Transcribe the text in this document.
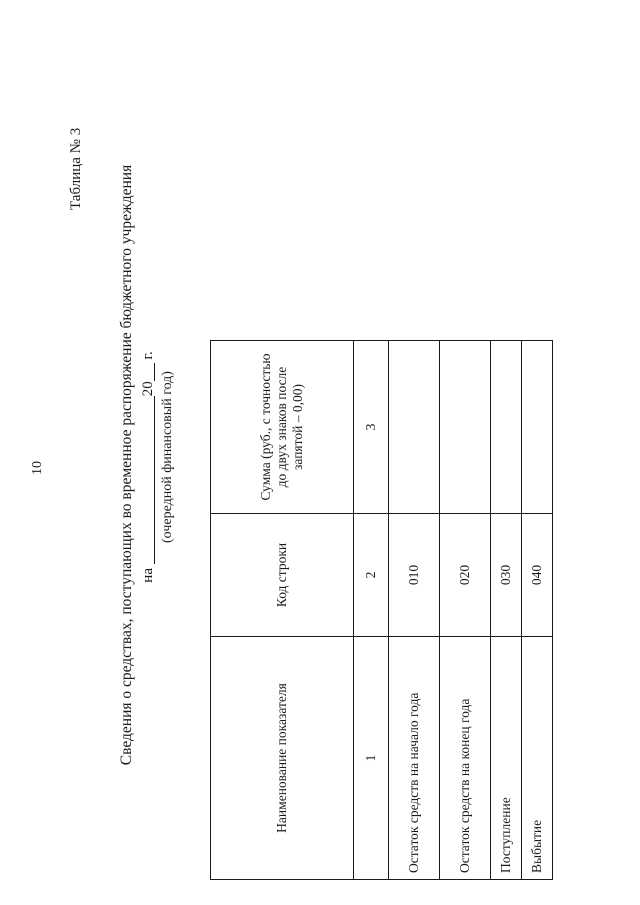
10
Таблица № 3 Сведения о средствах, поступающих во временное распоряжение бюджетного учреждения на 20 г.
(очередной финансовый год)
Наименование показателя	Код строки	Сумма (руб., с точностью до двух знаков после запятой – 0,00)
1	2	3
Остаток средств на начало года	010	
Остаток средств на конец года	020	
Поступление	030	
Выбытие	040	
